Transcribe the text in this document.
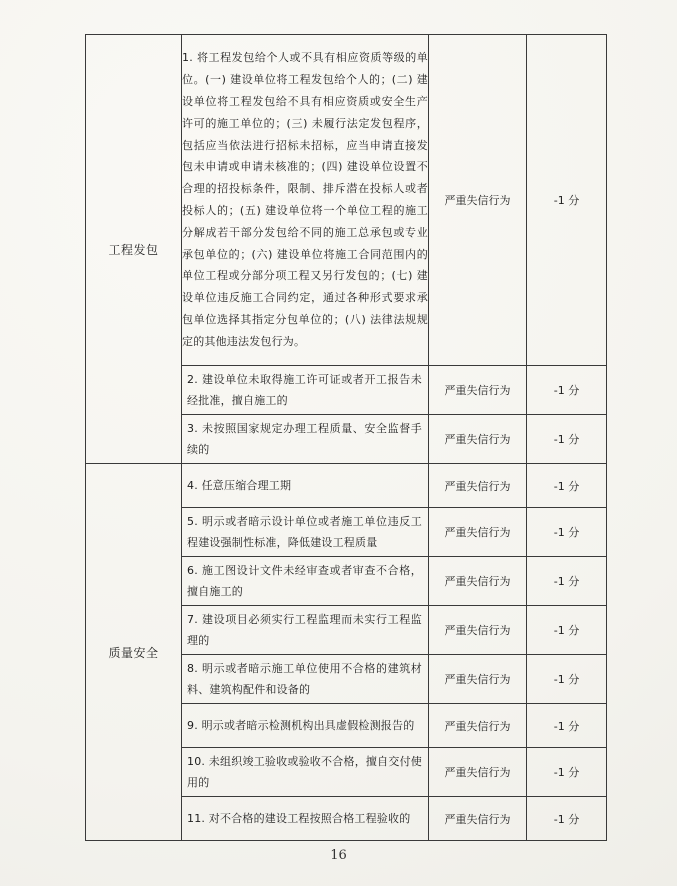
工程发包	1. 将工程发包给个人或不具有相应资质等级的单位。(一) 建设单位将工程发包给个人的；(二) 建设单位将工程发包给不具有相应资质或安全生产许可的施工单位的；(三) 未履行法定发包程序，包括应当依法进行招标未招标，应当申请直接发包未申请或申请未核准的；(四) 建设单位设置不合理的招投标条件，限制、排斥潜在投标人或者投标人的；(五) 建设单位将一个单位工程的施工分解成若干部分发包给不同的施工总承包或专业承包单位的；(六) 建设单位将施工合同范围内的单位工程或分部分项工程又另行发包的；(七) 建设单位违反施工合同约定，通过各种形式要求承包单位选择其指定分包单位的；(八) 法律法规规定的其他违法发包行为。	严重失信行为	-1 分
	2. 建设单位未取得施工许可证或者开工报告未经批准，擅自施工的	严重失信行为	-1 分
	3. 未按照国家规定办理工程质量、安全监督手续的	严重失信行为	-1 分
质量安全	4. 任意压缩合理工期	严重失信行为	-1 分
	5. 明示或者暗示设计单位或者施工单位违反工程建设强制性标准，降低建设工程质量	严重失信行为	-1 分
	6. 施工图设计文件未经审查或者审查不合格，擅自施工的	严重失信行为	-1 分
	7. 建设项目必须实行工程监理而未实行工程监理的	严重失信行为	-1 分
	8. 明示或者暗示施工单位使用不合格的建筑材料、建筑构配件和设备的	严重失信行为	-1 分
	9. 明示或者暗示检测机构出具虚假检测报告的	严重失信行为	-1 分
	10. 未组织竣工验收或验收不合格，擅自交付使用的	严重失信行为	-1 分
	11. 对不合格的建设工程按照合格工程验收的	严重失信行为	-1 分
16
